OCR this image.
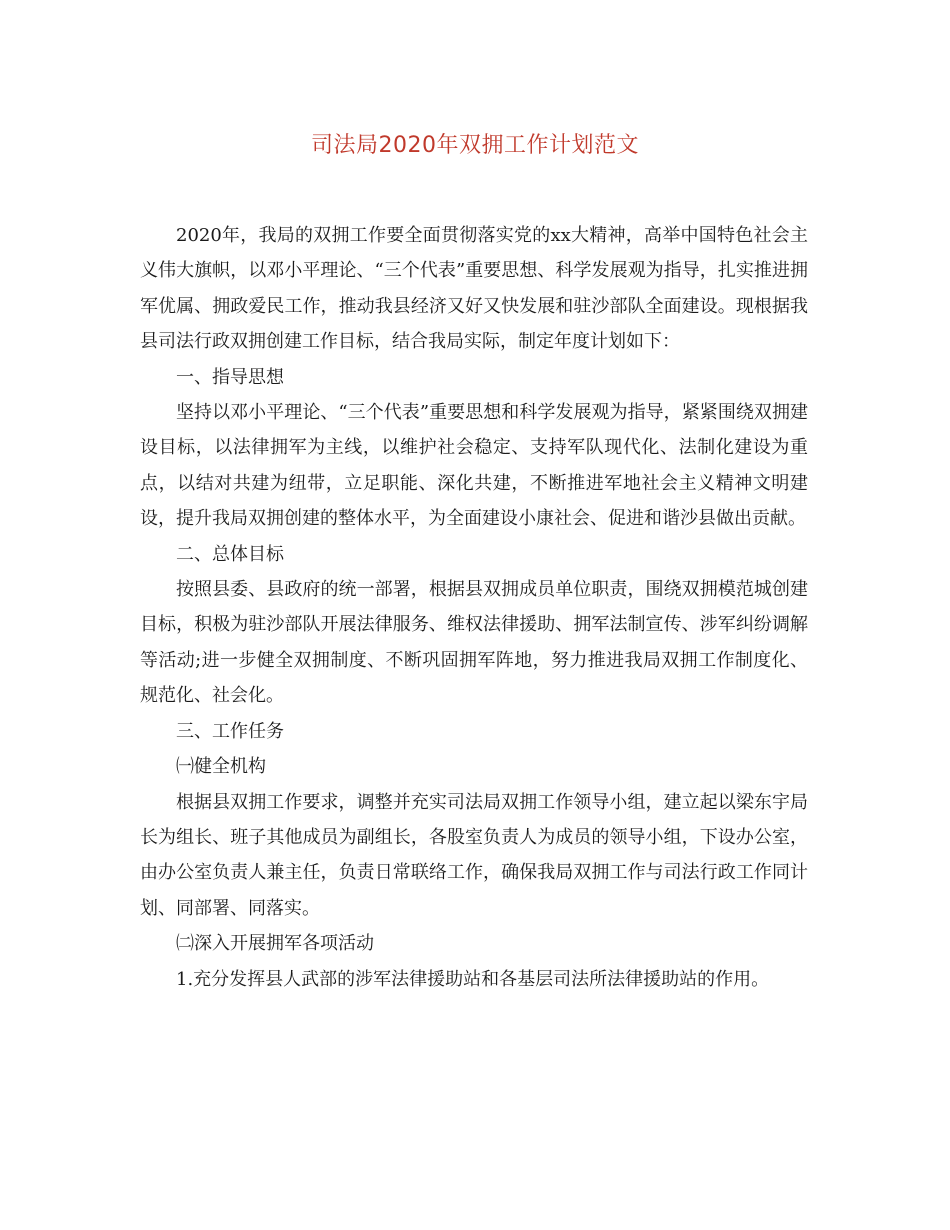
司法局2020年双拥工作计划范文

2020年，我局的双拥工作要全面贯彻落实党的xx大精神，高举中国特色社会主义伟大旗帜，以邓小平理论、“三个代表”重要思想、科学发展观为指导，扎实推进拥军优属、拥政爱民工作，推动我县经济又好又快发展和驻沙部队全面建设。现根据我县司法行政双拥创建工作目标，结合我局实际，制定年度计划如下：

一、指导思想

坚持以邓小平理论、“三个代表”重要思想和科学发展观为指导，紧紧围绕双拥建设目标，以法律拥军为主线，以维护社会稳定、支持军队现代化、法制化建设为重点，以结对共建为纽带，立足职能、深化共建，不断推进军地社会主义精神文明建设，提升我局双拥创建的整体水平，为全面建设小康社会、促进和谐沙县做出贡献。

二、总体目标

按照县委、县政府的统一部署，根据县双拥成员单位职责，围绕双拥模范城创建目标，积极为驻沙部队开展法律服务、维权法律援助、拥军法制宣传、涉军纠纷调解等活动;进一步健全双拥制度、不断巩固拥军阵地，努力推进我局双拥工作制度化、规范化、社会化。

三、工作任务

㈠健全机构

根据县双拥工作要求，调整并充实司法局双拥工作领导小组，建立起以梁东宇局长为组长、班子其他成员为副组长，各股室负责人为成员的领导小组，下设办公室，由办公室负责人兼主任，负责日常联络工作，确保我局双拥工作与司法行政工作同计划、同部署、同落实。

㈡深入开展拥军各项活动

1.充分发挥县人武部的涉军法律援助站和各基层司法所法律援助站的作用。
